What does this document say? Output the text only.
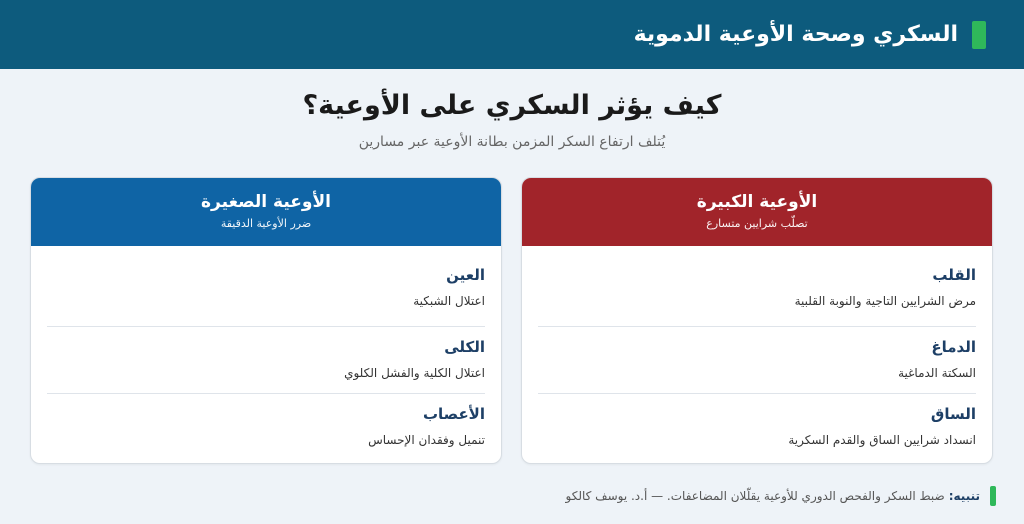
السكري وصحة الأوعية الدموية
كيف يؤثر السكري على الأوعية؟
يُتلف ارتفاع السكر المزمن بطانة الأوعية عبر مسارين
الأوعية الكبيرة
تصلّب شرايين متسارع
القلب
مرض الشرايين التاجية والنوبة القلبية
الدماغ
السكتة الدماغية
الساق
انسداد شرايين الساق والقدم السكرية
الأوعية الصغيرة
ضرر الأوعية الدقيقة
العين
اعتلال الشبكية
الكلى
اعتلال الكلية والفشل الكلوي
الأعصاب
تنميل وفقدان الإحساس
تنبيه:
ضبط السكر والفحص الدوري للأوعية يقلّلان المضاعفات. — أ.د. يوسف كالكو
